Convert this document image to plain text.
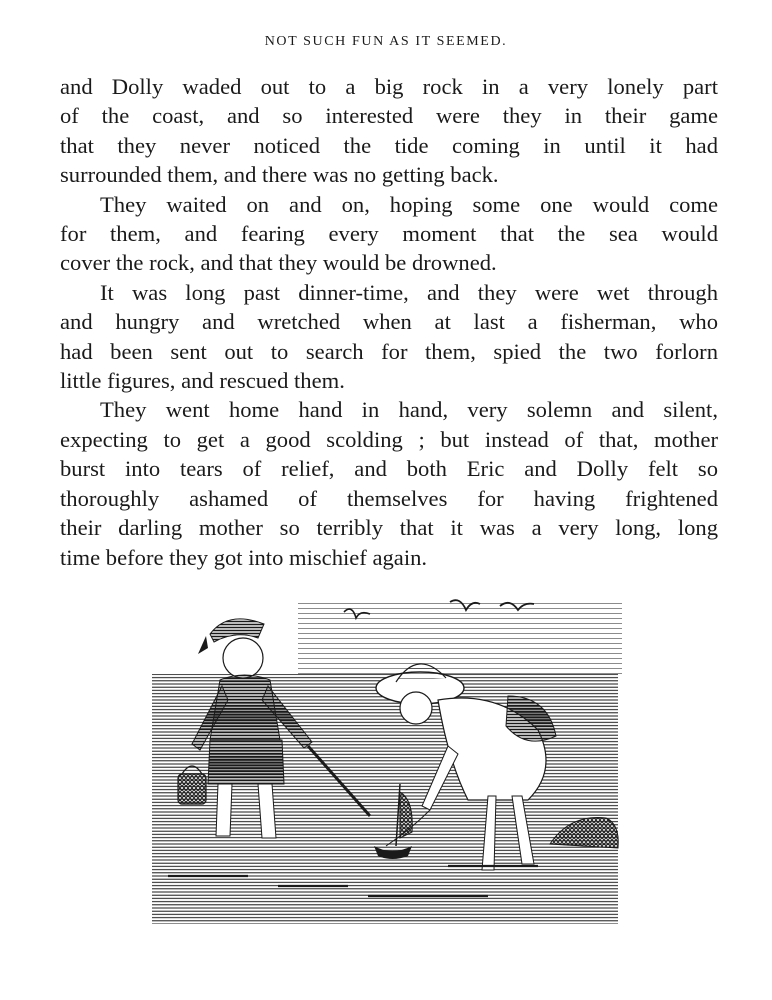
NOT SUCH FUN AS IT SEEMED.

and Dolly waded out to a big rock in a very lonely part
of the coast, and so interested were they in their game
that they never noticed the tide coming in until it had
surrounded them, and there was no getting back.

They waited on and on, hoping some one would come
for them, and fearing every moment that the sea would
cover the rock, and that they would be drowned.

It was long past dinner-time, and they were wet through
and hungry and wretched when at last a fisherman, who
had been sent out to search for them, spied the two forlorn
little figures, and rescued them.

They went home hand in hand, very solemn and silent,
expecting to get a good scolding ; but instead of that, mother
burst into tears of relief, and both Eric and Dolly felt so
thoroughly ashamed of themselves for having frightened
their darling mother so terribly that it was a very long, long
time before they got into mischief again.
